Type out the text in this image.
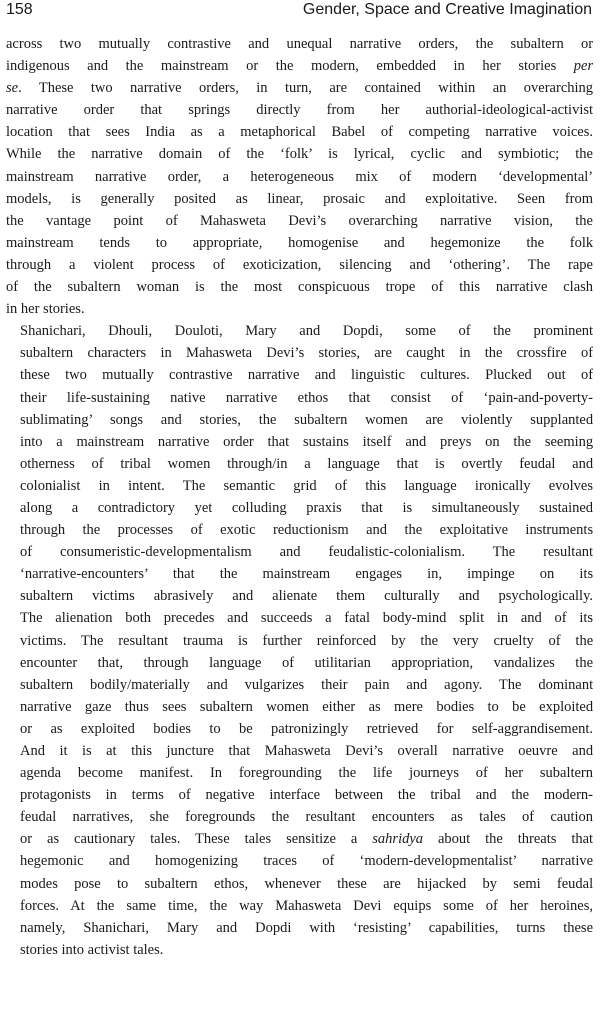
158	Gender, Space and Creative Imagination

across two mutually contrastive and unequal narrative orders, the subaltern or
indigenous and the mainstream or the modern, embedded in her stories per
se. These two narrative orders, in turn, are contained within an overarching
narrative order that springs directly from her authorial-ideological-activist
location that sees India as a metaphorical Babel of competing narrative voices.
While the narrative domain of the ‘folk’ is lyrical, cyclic and symbiotic; the
mainstream narrative order, a heterogeneous mix of modern ‘developmental’
models, is generally posited as linear, prosaic and exploitative. Seen from
the vantage point of Mahasweta Devi’s overarching narrative vision, the
mainstream tends to appropriate, homogenise and hegemonize the folk
through a violent process of exoticization, silencing and ‘othering’. The rape
of the subaltern woman is the most conspicuous trope of this narrative clash
in her stories.

Shanichari, Dhouli, Douloti, Mary and Dopdi, some of the prominent
subaltern characters in Mahasweta Devi’s stories, are caught in the crossfire of
these two mutually contrastive narrative and linguistic cultures. Plucked out of
their life-sustaining native narrative ethos that consist of ‘pain-and-poverty-
sublimating’ songs and stories, the subaltern women are violently supplanted
into a mainstream narrative order that sustains itself and preys on the seeming
otherness of tribal women through/in a language that is overtly feudal and
colonialist in intent. The semantic grid of this language ironically evolves
along a contradictory yet colluding praxis that is simultaneously sustained
through the processes of exotic reductionism and the exploitative instruments
of consumeristic-developmentalism and feudalistic-colonialism. The resultant
‘narrative-encounters’ that the mainstream engages in, impinge on its
subaltern victims abrasively and alienate them culturally and psychologically.
The alienation both precedes and succeeds a fatal body-mind split in and of its
victims. The resultant trauma is further reinforced by the very cruelty of the
encounter that, through language of utilitarian appropriation, vandalizes the
subaltern bodily/materially and vulgarizes their pain and agony. The dominant
narrative gaze thus sees subaltern women either as mere bodies to be exploited
or as exploited bodies to be patronizingly retrieved for self-aggrandisement.
And it is at this juncture that Mahasweta Devi’s overall narrative oeuvre and
agenda become manifest. In foregrounding the life journeys of her subaltern
protagonists in terms of negative interface between the tribal and the modern-
feudal narratives, she foregrounds the resultant encounters as tales of caution
or as cautionary tales. These tales sensitize a sahridya about the threats that
hegemonic and homogenizing traces of ‘modern-developmentalist’ narrative
modes pose to subaltern ethos, whenever these are hijacked by semi feudal
forces. At the same time, the way Mahasweta Devi equips some of her heroines,
namely, Shanichari, Mary and Dopdi with ‘resisting’ capabilities, turns these
stories into activist tales.
